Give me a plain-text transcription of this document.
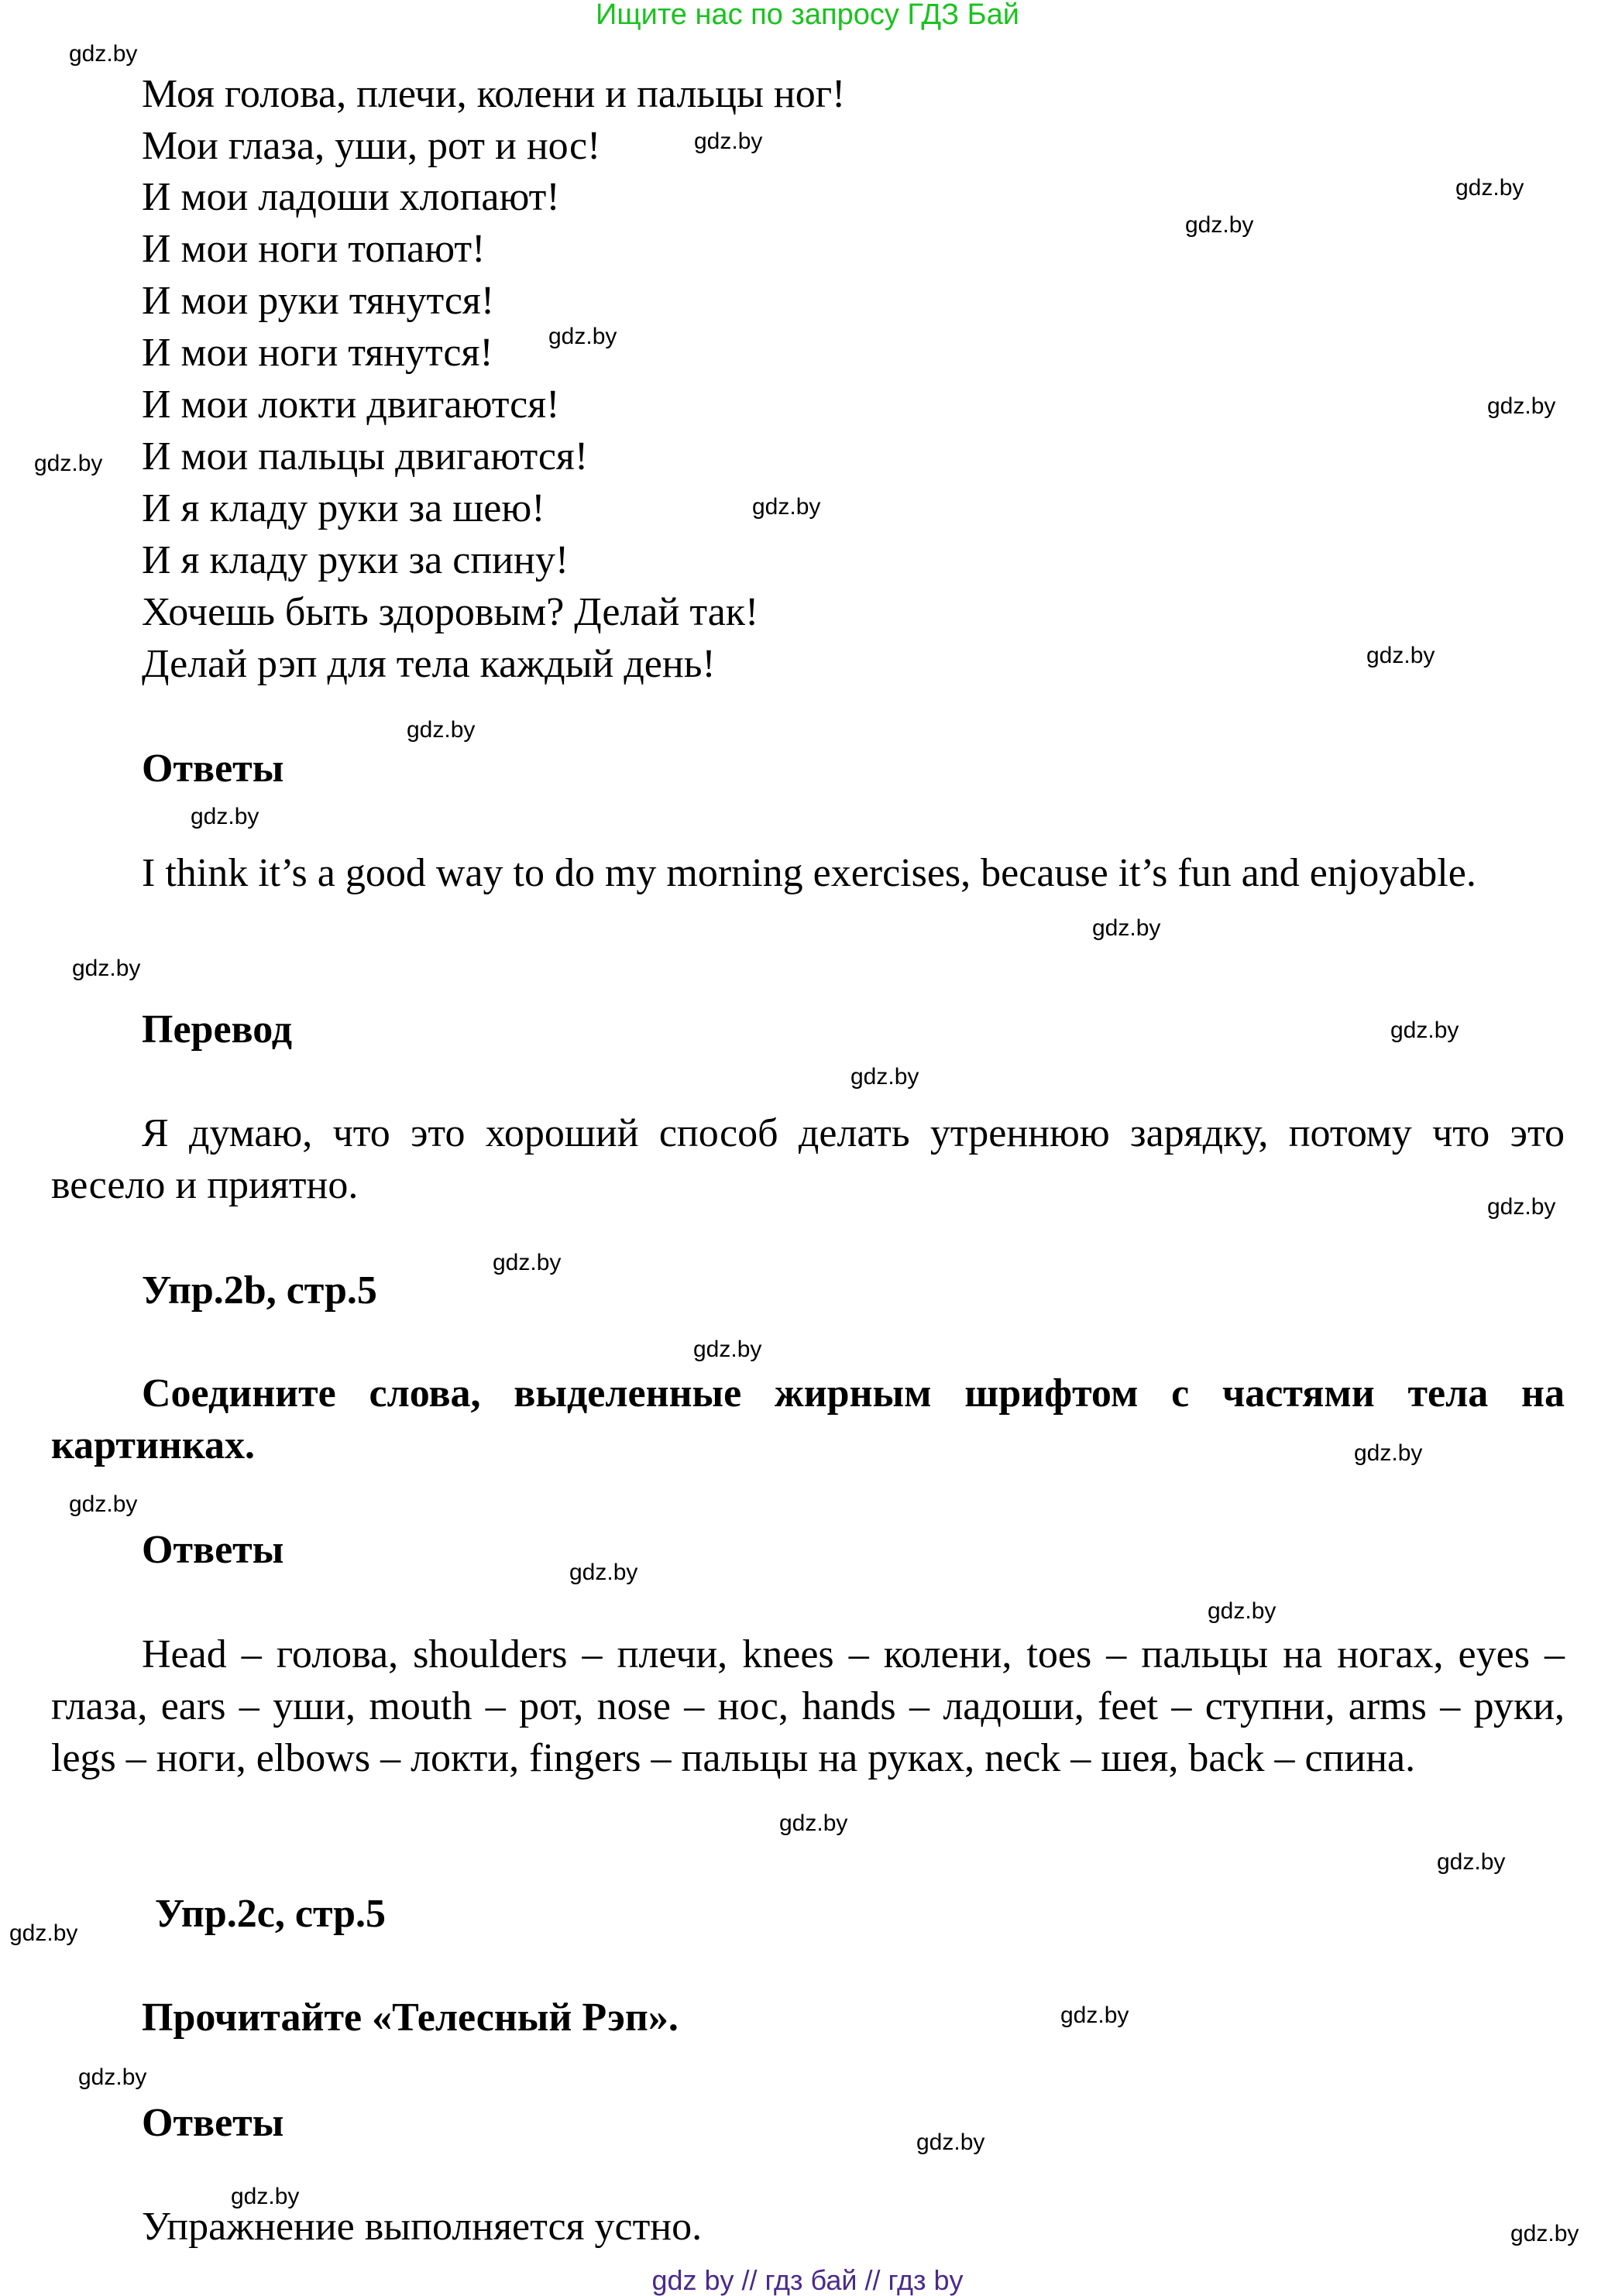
Ищите нас по запросу ГДЗ Бай
Моя голова, плечи, колени и пальцы ног!
Мои глаза, уши, рот и нос!
И мои ладоши хлопают!
И мои ноги топают!
И мои руки тянутся!
И мои ноги тянутся!
И мои локти двигаются!
И мои пальцы двигаются!
И я кладу руки за шею!
И я кладу руки за спину!
Хочешь быть здоровым? Делай так!
Делай рэп для тела каждый день!
Ответы

I think it’s a good way to do my morning exercises, because it’s fun and enjoyable.

Перевод

Я думаю, что это хороший способ делать утреннюю зарядку, потому что это весело и приятно.

Упр.2b, стр.5

Соедините слова, выделенные жирным шрифтом с частями тела на картинках.

Ответы

Head – голова, shoulders – плечи, knees – колени, toes – пальцы на ногах, eyes – глаза, ears – уши, mouth – рот, nose – нос, hands – ладоши, feet – ступни, arms – руки, legs – ноги, elbows – локти, fingers – пальцы на руках, neck – шея, back – спина.

Упр.2c, стр.5
Прочитайте «Телесный Рэп».
Ответы
Упражнение выполняется устно.
gdz.by
gdz.by
gdz.by
gdz.by
gdz.by
gdz.by
gdz.by
gdz.by
gdz.by
gdz.by
gdz.by
gdz.by
gdz.by
gdz.by
gdz.by
gdz.by
gdz.by
gdz.by
gdz.by
gdz.by
gdz.by
gdz.by
gdz.by
gdz.by
gdz.by
gdz.by
gdz.by
gdz.by
gdz.by
gdz.by
gdz by // гдз бай // гдз by
